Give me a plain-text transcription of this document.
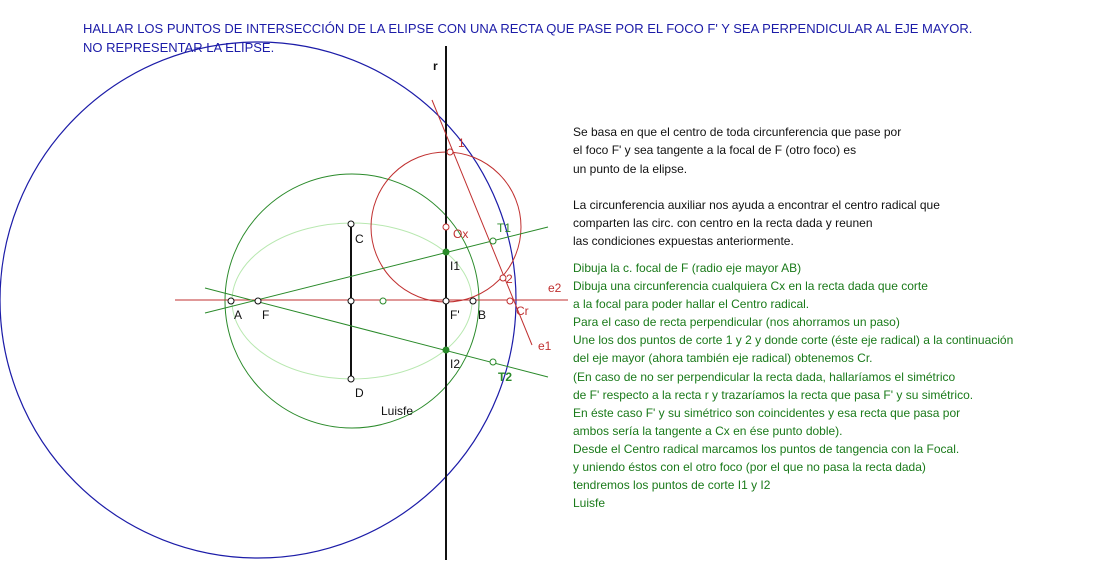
HALLAR LOS PUNTOS DE INTERSECCIÓN DE LA ELIPSE CON UNA RECTA QUE PASE POR EL FOCO F' Y SEA PERPENDICULAR AL EJE MAYOR.
NO REPRESENTAR LA ELIPSE.
r
A F	F' B
C
D
Ox
I1
I2
T1
T2
1
2
Cr
e1
e2
Luisfe
Se basa en que el centro de toda circunferencia que pase por
el foco F' y sea tangente a la focal de F (otro foco) es
un punto de la elipse.
La circunferencia auxiliar nos ayuda a encontrar el centro radical que
comparten las circ. con centro en la recta dada y reunen
las condiciones expuestas anteriormente.
Dibuja la c. focal de F (radio eje mayor AB)
Dibuja una circunferencia cualquiera Cx en la recta dada que corte
a la focal para poder hallar el Centro radical.
Para el caso de recta perpendicular (nos ahorramos un paso)
Une los dos puntos de corte 1 y 2 y donde corte (éste eje radical) a la continuación
del eje mayor (ahora también eje radical) obtenemos Cr.
(En caso de no ser perpendicular la recta dada, hallaríamos el simétrico
de F' respecto a la recta r y trazaríamos la recta que pasa F' y su simétrico.
En éste caso F' y su simétrico son coincidentes y esa recta que pasa por
ambos sería la tangente a Cx en ése punto doble).
Desde el Centro radical marcamos los puntos de tangencia con la Focal.
y uniendo éstos con el otro foco (por el que no pasa la recta dada)
tendremos los puntos de corte I1 y I2
Luisfe
